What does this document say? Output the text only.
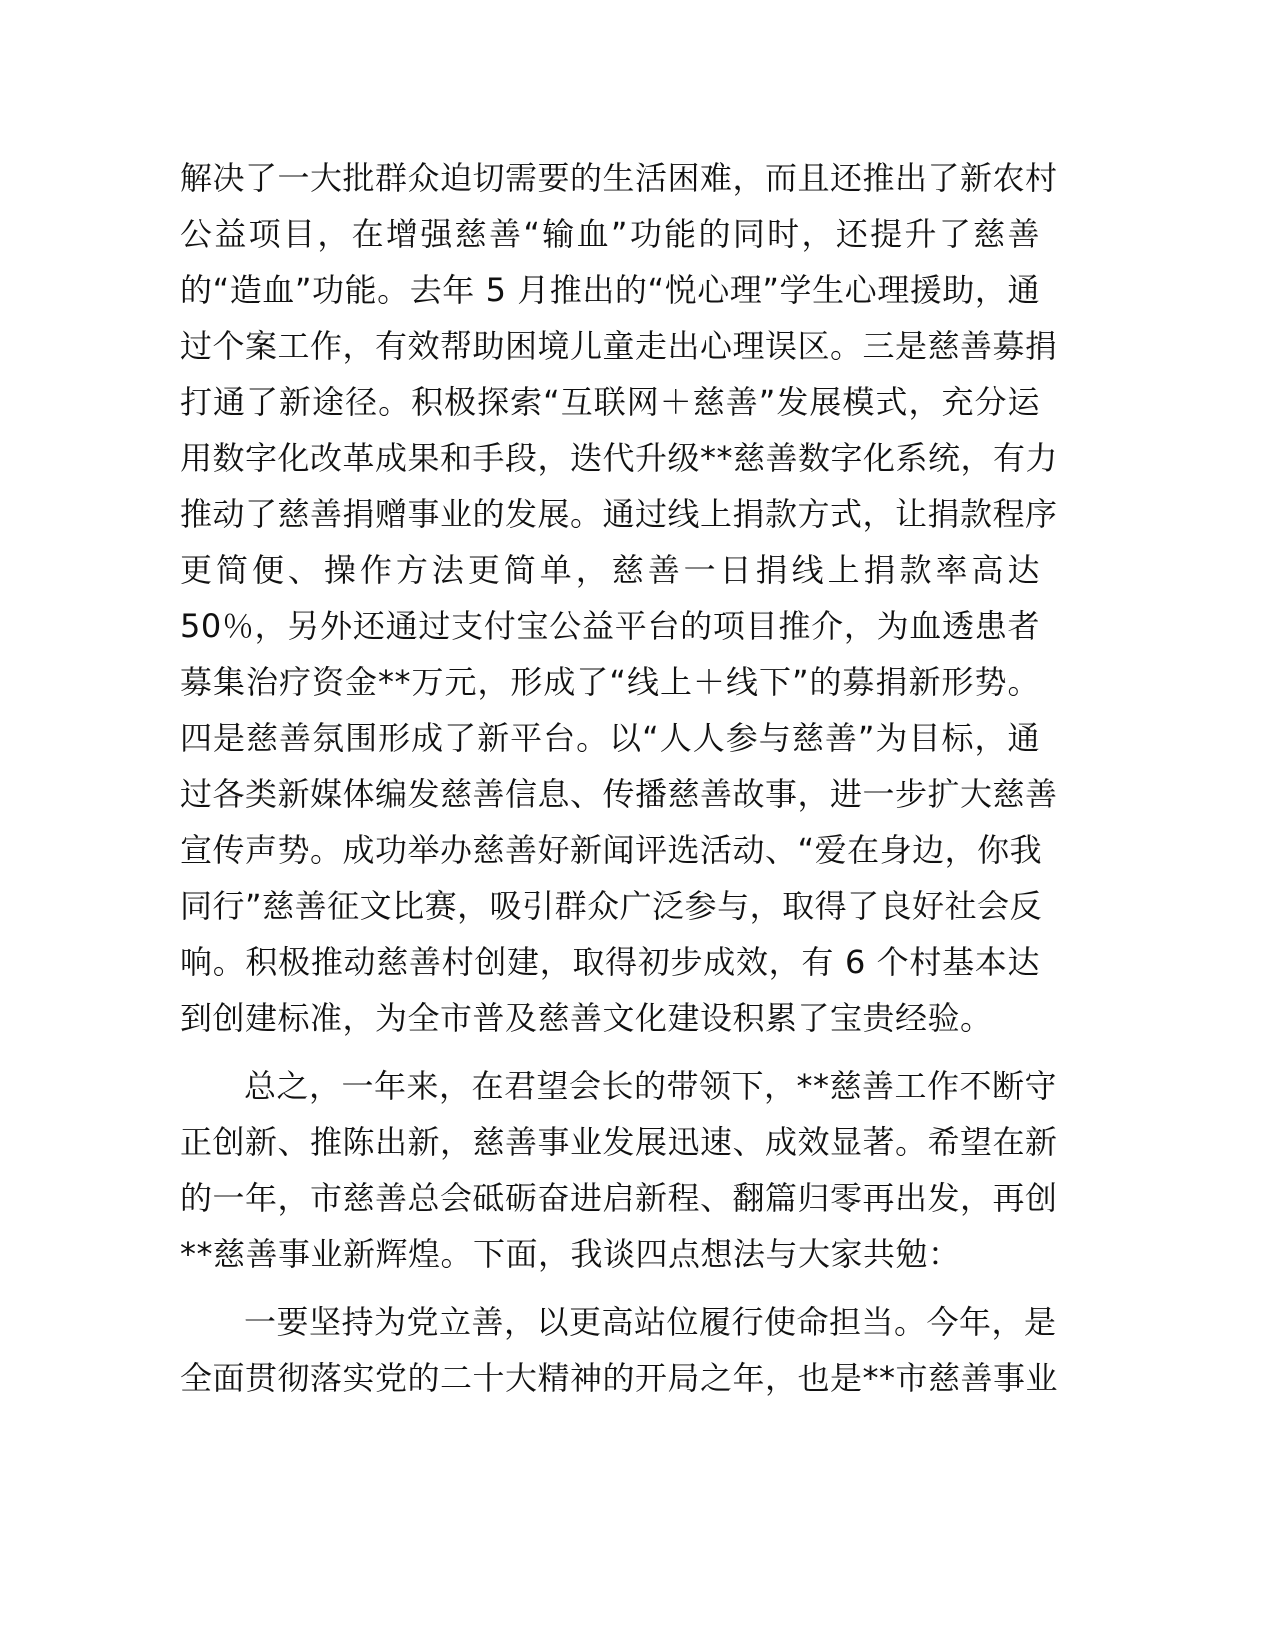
解决了一大批群众迫切需要的生活困难，而且还推出了新农村
公益项目，在增强慈善“输血”功能的同时，还提升了慈善
的“造血”功能。去年 5 月推出的“悦心理”学生心理援助，通
过个案工作，有效帮助困境儿童走出心理误区。三是慈善募捐
打通了新途径。积极探索“互联网＋慈善”发展模式，充分运
用数字化改革成果和手段，迭代升级**慈善数字化系统，有力
推动了慈善捐赠事业的发展。通过线上捐款方式，让捐款程序
更简便、操作方法更简单，慈善一日捐线上捐款率高达
50％，另外还通过支付宝公益平台的项目推介，为血透患者
募集治疗资金**万元，形成了“线上＋线下”的募捐新形势。
四是慈善氛围形成了新平台。以“人人参与慈善”为目标，通
过各类新媒体编发慈善信息、传播慈善故事，进一步扩大慈善
宣传声势。成功举办慈善好新闻评选活动、“爱在身边，你我
同行”慈善征文比赛，吸引群众广泛参与，取得了良好社会反
响。积极推动慈善村创建，取得初步成效，有 6 个村基本达
到创建标准，为全市普及慈善文化建设积累了宝贵经验。
总之，一年来，在君望会长的带领下，**慈善工作不断守
正创新、推陈出新，慈善事业发展迅速、成效显著。希望在新
的一年，市慈善总会砥砺奋进启新程、翻篇归零再出发，再创
**慈善事业新辉煌。下面，我谈四点想法与大家共勉：
一要坚持为党立善，以更高站位履行使命担当。今年，是
全面贯彻落实党的二十大精神的开局之年，也是**市慈善事业
